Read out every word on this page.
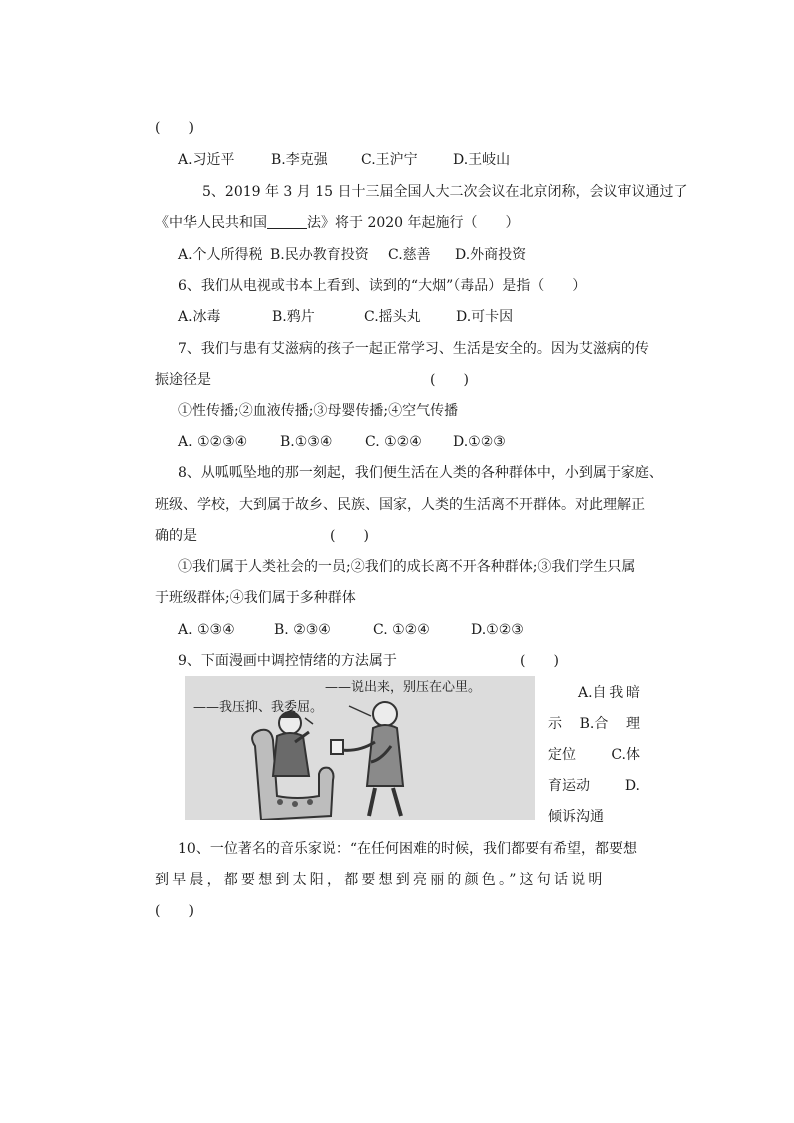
(　　)
A.习近平	B.李克强 C.王沪宁	D.王岐山
5、2019 年 3 月 15 日十三届全国人大二次会议在北京闭称，会议审议通过了
《中华人民共和国	法》将于 2020 年起施行（　　）
A.个人所得税 B.民办教育投资 C.慈善 D.外商投资
6、我们从电视或书本上看到、读到的“大烟”（毒品）是指（　　）
A.冰毒	B.鸦片	C.摇头丸	D.可卡因
7、我们与患有艾滋病的孩子一起正常学习、生活是安全的。因为艾滋病的传
振途径是	(　　)
①性传播;②血液传播;③母婴传播;④空气传播
A. ①②③④ B.①③④ C. ①②④ D.①②③
8、从呱呱坠地的那一刻起，我们便生活在人类的各种群体中，小到属于家庭、
班级、学校，大到属于故乡、民族、国家，人类的生活离不开群体。对此理解正
确的是	(　　)
①我们属于人类社会的一员;②我们的成长离不开各种群体;③我们学生只属
于班级群体;④我们属于多种群体
A. ①③④	B. ②③④	C. ①②④	D.①②③
9、下面漫画中调控情绪的方法属于	(　　)
——说出来，别压在心里。
——我压抑、我委屈。
A.自 我 暗
示 B.合 理
定位	C.体
育运动 D.
倾诉沟通
10、一位著名的音乐家说：“在任何困难的时候，我们都要有希望，都要想
到早晨，都要想到太阳，都要想到亮丽的颜色。”这句话说明
(　　)
